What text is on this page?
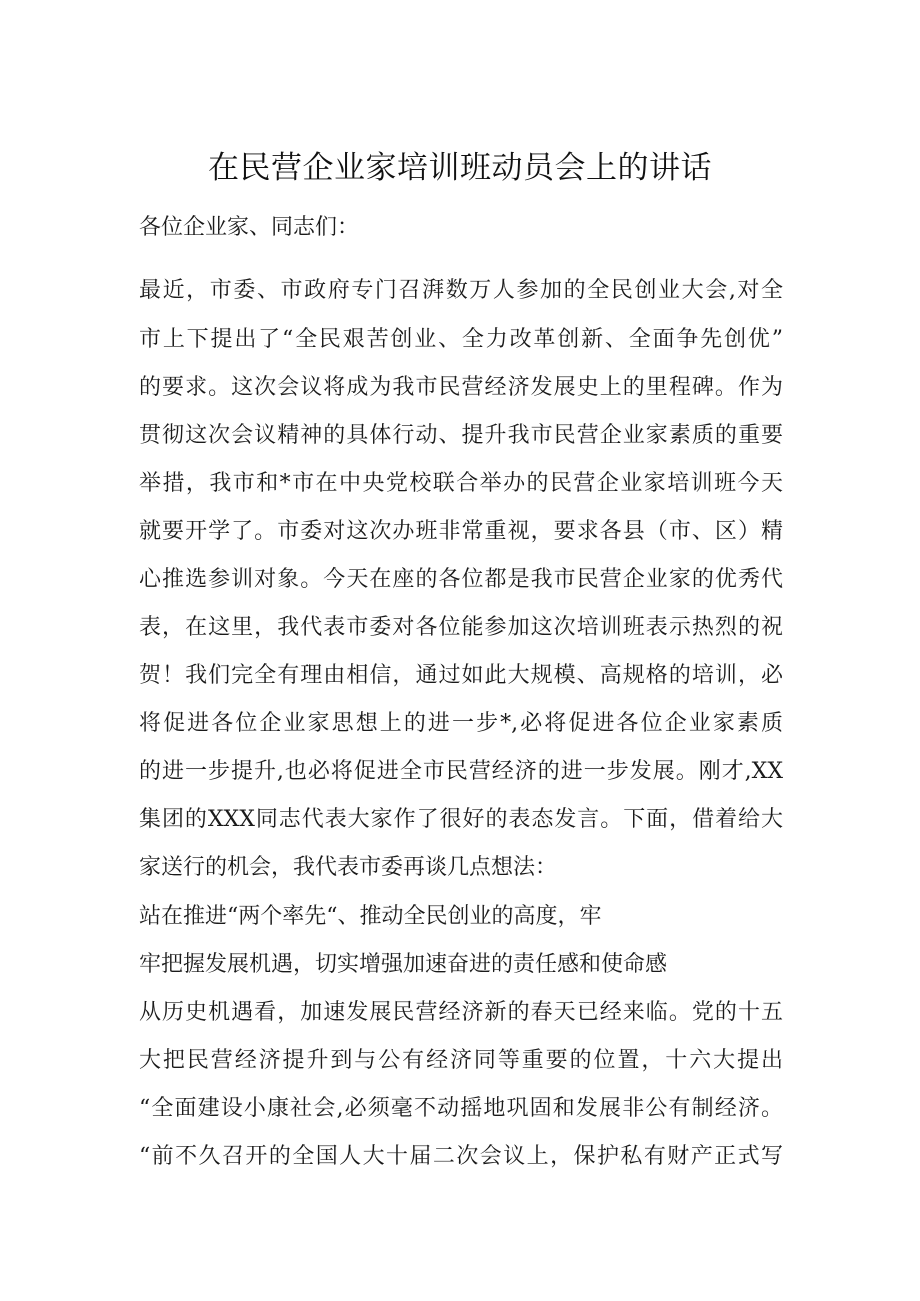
在民营企业家培训班动员会上的讲话
各位企业家、同志们：
最近，市委、市政府专门召湃数万人参加的全民创业大会,对全
市上下提出了“全民艰苦创业、全力改革创新、全面争先创优”
的要求。这次会议将成为我市民营经济发展史上的里程碑。作为
贯彻这次会议精神的具体行动、提升我市民营企业家素质的重要
举措，我市和*市在中央党校联合举办的民营企业家培训班今天
就要开学了。市委对这次办班非常重视，要求各县（市、区）精
心推选参训对象。今天在座的各位都是我市民营企业家的优秀代
表，在这里，我代表市委对各位能参加这次培训班表示热烈的祝
贺！我们完全有理由相信，通过如此大规模、高规格的培训，必
将促进各位企业家思想上的进一步*,必将促进各位企业家素质
的进一步提升,也必将促进全市民营经济的进一步发展。刚才,XX
集团的XXX同志代表大家作了很好的表态发言。下面，借着给大
家送行的机会，我代表市委再谈几点想法：
站在推进“两个率先“、推动全民创业的高度，牢
牢把握发展机遇，切实增强加速奋进的责任感和使命感
从历史机遇看，加速发展民营经济新的春天已经来临。党的十五
大把民营经济提升到与公有经济同等重要的位置，十六大提出
“全面建设小康社会,必须毫不动摇地巩固和发展非公有制经济。
“前不久召开的全国人大十届二次会议上，保护私有财产正式写
